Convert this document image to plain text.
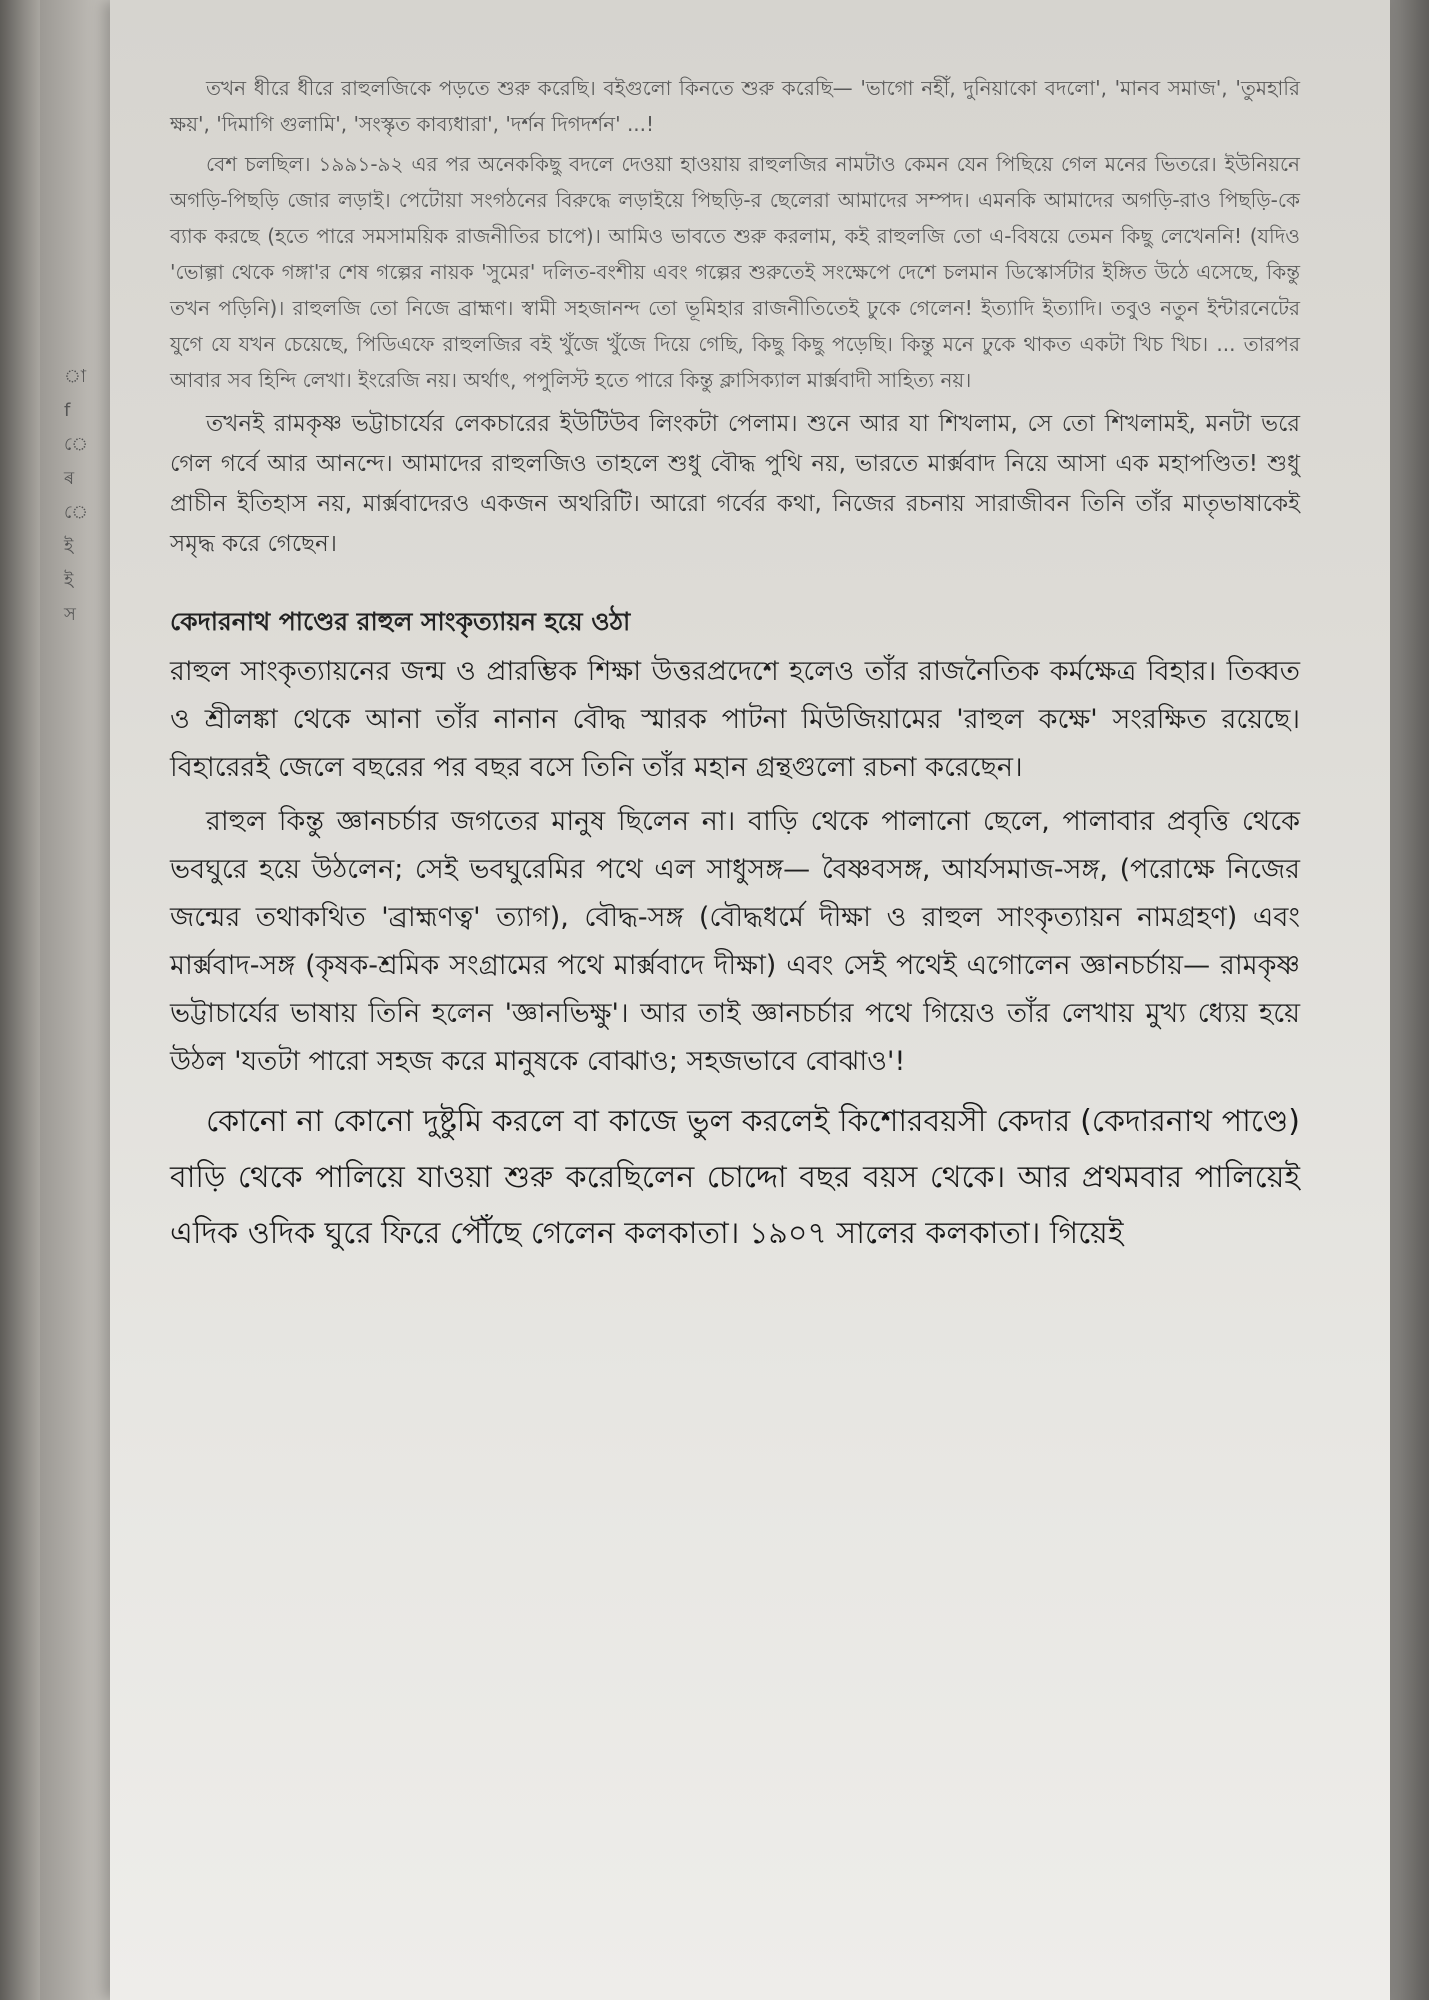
া
f
ে
ৰ
ে
ই
ই
স

তখন ধীরে ধীরে রাহুলজিকে পড়তে শুরু করেছি। বইগুলো কিনতে শুরু করেছি— 'ভাগো নহীঁ, দুনিয়াকো বদলো', 'মানব সমাজ', 'তুমহারি ক্ষয়', 'দিমাগি গুলামি', 'সংস্কৃত কাব্যধারা', 'দর্শন দিগদর্শন' ...!

বেশ চলছিল। ১৯৯১-৯২ এর পর অনেককিছু বদলে দেওয়া হাওয়ায় রাহুলজির নামটাও কেমন যেন পিছিয়ে গেল মনের ভিতরে। ইউনিয়নে অগড়ি-পিছড়ি জোর লড়াই। পেটোয়া সংগঠনের বিরুদ্ধে লড়াইয়ে পিছড়ি-র ছেলেরা আমাদের সম্পদ। এমনকি আমাদের অগড়ি-রাও পিছড়ি-কে ব্যাক করছে (হতে পারে সমসাময়িক রাজনীতির চাপে)। আমিও ভাবতে শুরু করলাম, কই রাহুলজি তো এ-বিষয়ে তেমন কিছু লেখেননি! (যদিও 'ভোল্গা থেকে গঙ্গা'র শেষ গল্পের নায়ক 'সুমের' দলিত-বংশীয় এবং গল্পের শুরুতেই সংক্ষেপে দেশে চলমান ডিস্কোর্সটার ইঙ্গিত উঠে এসেছে, কিন্তু তখন পড়িনি)। রাহুলজি তো নিজে ব্রাহ্মণ। স্বামী সহজানন্দ তো ভূমিহার রাজনীতিতেই ঢুকে গেলেন! ইত্যাদি ইত্যাদি। তবুও নতুন ইন্টারনেটের যুগে যে যখন চেয়েছে, পিডিএফে রাহুলজির বই খুঁজে খুঁজে দিয়ে গেছি, কিছু কিছু পড়েছি। কিন্তু মনে ঢুকে থাকত একটা খিচ খিচ। ... তারপর আবার সব হিন্দি লেখা। ইংরেজি নয়। অর্থাৎ, পপুলিস্ট হতে পারে কিন্তু ক্লাসিক্যাল মার্ক্সবাদী সাহিত্য নয়।

তখনই রামকৃষ্ণ ভট্টাচার্যের লেকচারের ইউটিউব লিংকটা পেলাম। শুনে আর যা শিখলাম, সে তো শিখলামই, মনটা ভরে গেল গর্বে আর আনন্দে। আমাদের রাহুলজিও তাহলে শুধু বৌদ্ধ পুথি নয়, ভারতে মার্ক্সবাদ নিয়ে আসা এক মহাপণ্ডিত! শুধু প্রাচীন ইতিহাস নয়, মার্ক্সবাদেরও একজন অথরিটি। আরো গর্বের কথা, নিজের রচনায় সারাজীবন তিনি তাঁর মাতৃভাষাকেই সমৃদ্ধ করে গেছেন।

কেদারনাথ পাণ্ডের রাহুল সাংকৃত্যায়ন হয়ে ওঠা

রাহুল সাংকৃত্যায়নের জন্ম ও প্রারম্ভিক শিক্ষা উত্তরপ্রদেশে হলেও তাঁর রাজনৈতিক কর্মক্ষেত্র বিহার। তিব্বত ও শ্রীলঙ্কা থেকে আনা তাঁর নানান বৌদ্ধ স্মারক পাটনা মিউজিয়ামের 'রাহুল কক্ষে' সংরক্ষিত রয়েছে। বিহারেরই জেলে বছরের পর বছর বসে তিনি তাঁর মহান গ্রন্থগুলো রচনা করেছেন।

রাহুল কিন্তু জ্ঞানচর্চার জগতের মানুষ ছিলেন না। বাড়ি থেকে পালানো ছেলে, পালাবার প্রবৃত্তি থেকে ভবঘুরে হয়ে উঠলেন; সেই ভবঘুরেমির পথে এল সাধুসঙ্গ— বৈষ্ণবসঙ্গ, আর্যসমাজ-সঙ্গ, (পরোক্ষে নিজের জন্মের তথাকথিত 'ব্রাহ্মণত্ব' ত্যাগ), বৌদ্ধ-সঙ্গ (বৌদ্ধধর্মে দীক্ষা ও রাহুল সাংকৃত্যায়ন নামগ্রহণ) এবং মার্ক্সবাদ-সঙ্গ (কৃষক-শ্রমিক সংগ্রামের পথে মার্ক্সবাদে দীক্ষা) এবং সেই পথেই এগোলেন জ্ঞানচর্চায়— রামকৃষ্ণ ভট্টাচার্যের ভাষায় তিনি হলেন 'জ্ঞানভিক্ষু'। আর তাই জ্ঞানচর্চার পথে গিয়েও তাঁর লেখায় মুখ্য ধ্যেয় হয়ে উঠল 'যতটা পারো সহজ করে মানুষকে বোঝাও; সহজভাবে বোঝাও'!

কোনো না কোনো দুষ্টুমি করলে বা কাজে ভুল করলেই কিশোরবয়সী কেদার (কেদারনাথ পাণ্ডে) বাড়ি থেকে পালিয়ে যাওয়া শুরু করেছিলেন চোদ্দো বছর বয়স থেকে। আর প্রথমবার পালিয়েই এদিক ওদিক ঘুরে ফিরে পৌঁছে গেলেন কলকাতা। ১৯০৭ সালের কলকাতা। গিয়েই
